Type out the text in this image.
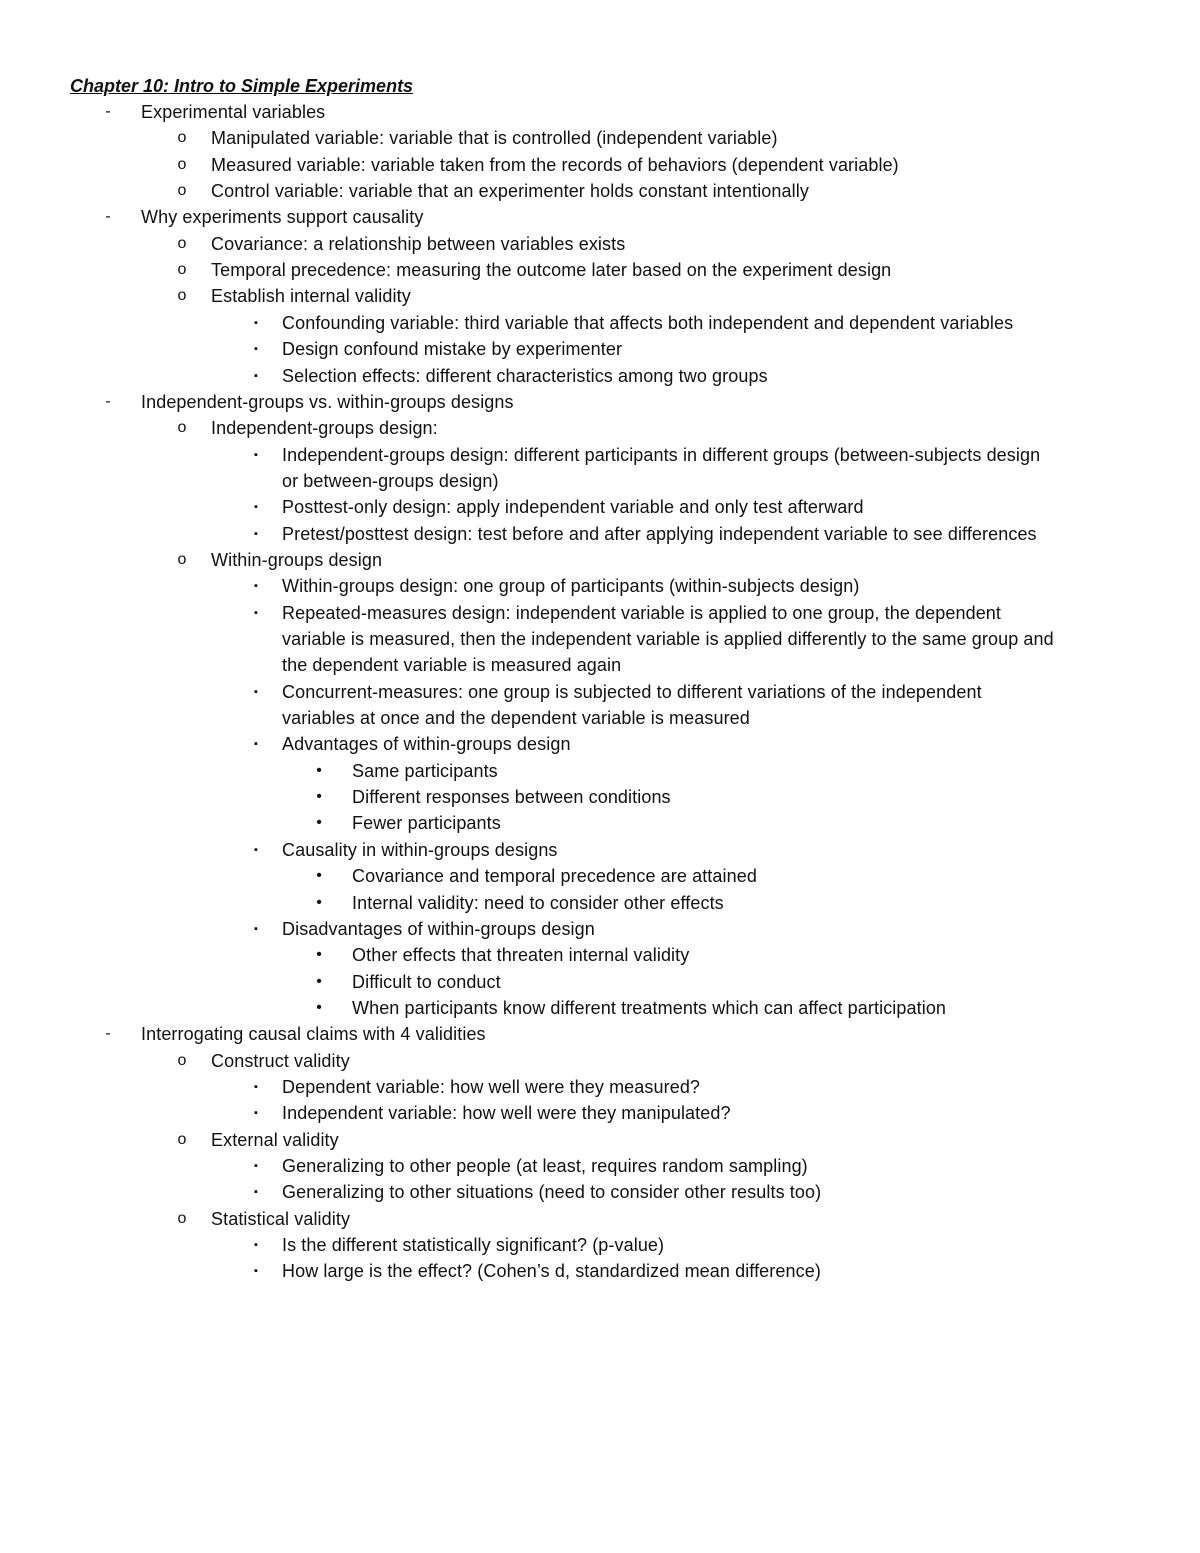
Chapter 10: Intro to Simple Experiments
-	Experimental variables
o	Manipulated variable: variable that is controlled (independent variable)
o	Measured variable: variable taken from the records of behaviors (dependent variable)
o	Control variable: variable that an experimenter holds constant intentionally
-	Why experiments support causality
o	Covariance: a relationship between variables exists
o	Temporal precedence: measuring the outcome later based on the experiment design
o	Establish internal validity
▪	Confounding variable: third variable that affects both independent and dependent variables
▪	Design confound mistake by experimenter
▪	Selection effects: different characteristics among two groups
-	Independent-groups vs. within-groups designs
o	Independent-groups design:
▪	Independent-groups design: different participants in different groups (between-subjects design
or between-groups design)
▪	Posttest-only design: apply independent variable and only test afterward
▪	Pretest/posttest design: test before and after applying independent variable to see differences
o	Within-groups design
▪	Within-groups design: one group of participants (within-subjects design)
▪	Repeated-measures design: independent variable is applied to one group, the dependent
variable is measured, then the independent variable is applied differently to the same group and
the dependent variable is measured again
▪	Concurrent-measures: one group is subjected to different variations of the independent
variables at once and the dependent variable is measured
▪	Advantages of within-groups design
•	Same participants
•	Different responses between conditions
•	Fewer participants
▪	Causality in within-groups designs
•	Covariance and temporal precedence are attained
•	Internal validity: need to consider other effects
▪	Disadvantages of within-groups design
•	Other effects that threaten internal validity
•	Difficult to conduct
•	When participants know different treatments which can affect participation
-	Interrogating causal claims with 4 validities
o	Construct validity
▪	Dependent variable: how well were they measured?
▪	Independent variable: how well were they manipulated?
o	External validity
▪	Generalizing to other people (at least, requires random sampling)
▪	Generalizing to other situations (need to consider other results too)
o	Statistical validity
▪	Is the different statistically significant? (p-value)
▪	How large is the effect? (Cohen’s d, standardized mean difference)
